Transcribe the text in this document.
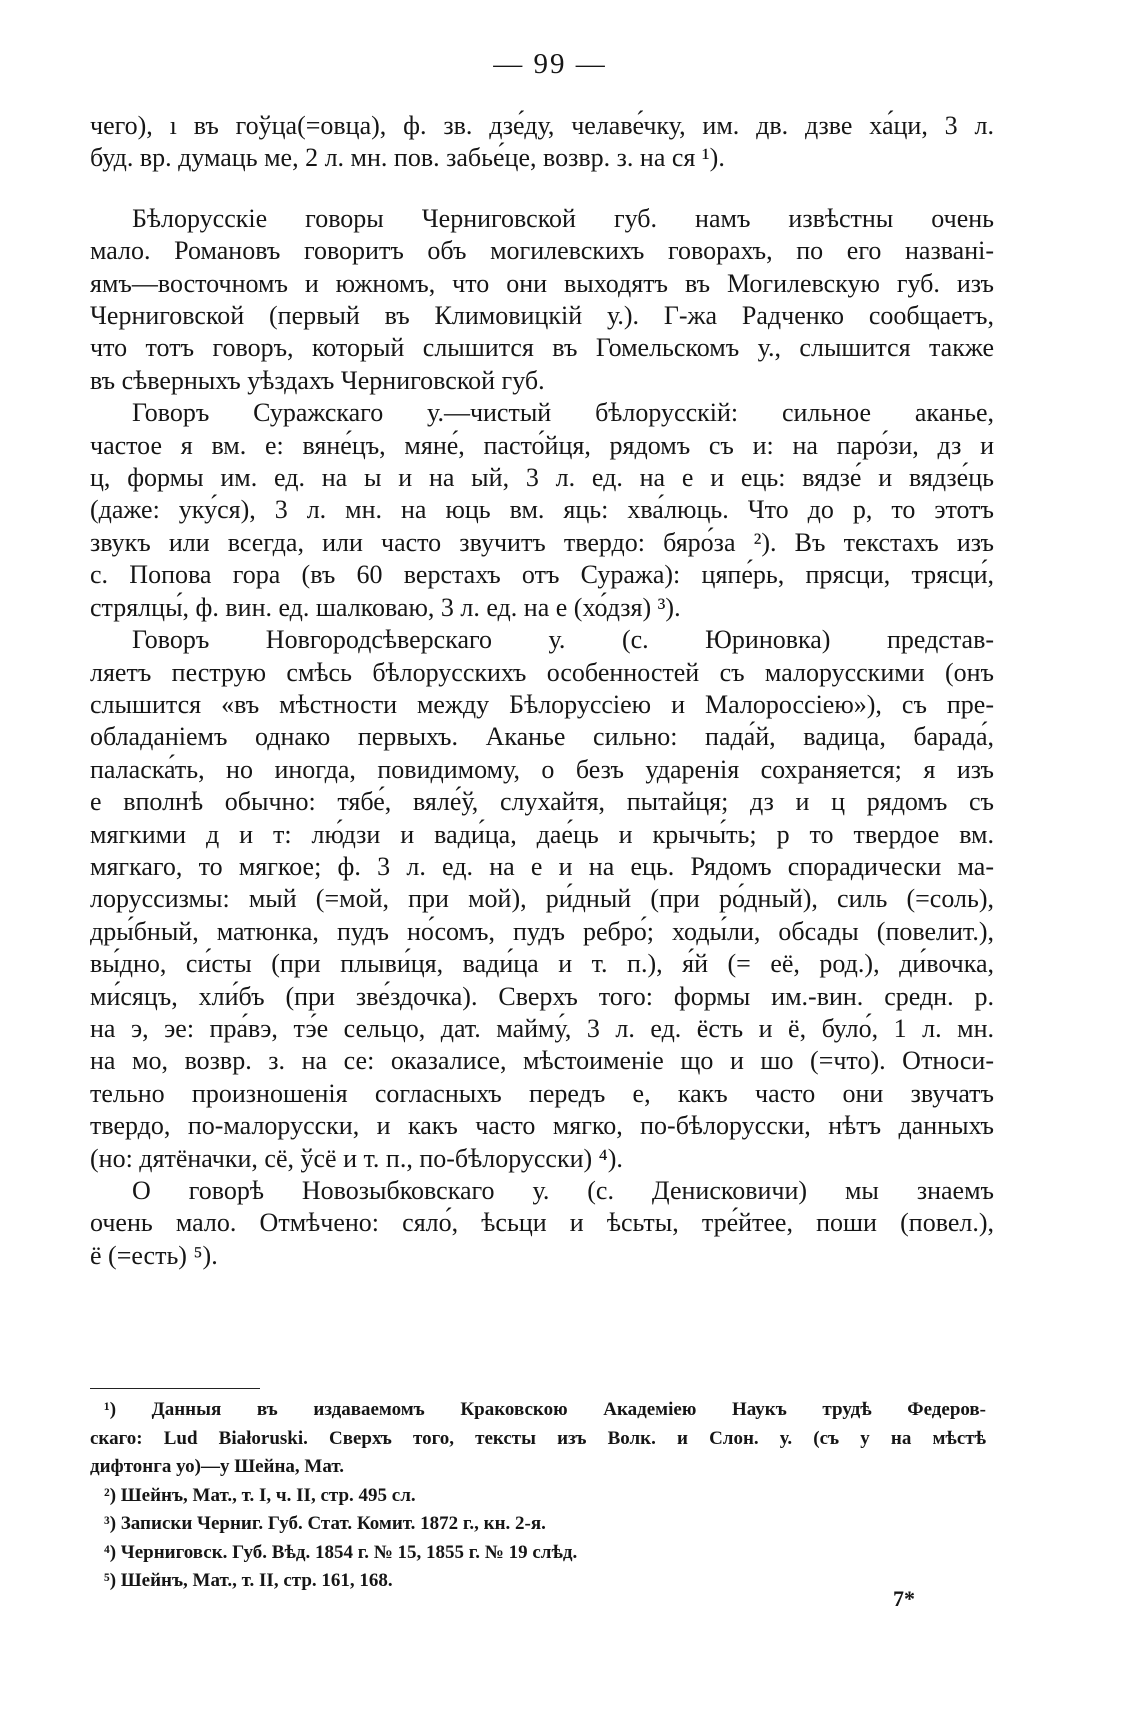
— 99 —
чего), ı въ гоўца(=овца), ф. зв. дзе́ду, челаве́чку, им. дв. дзве ха́ци, 3 л.
буд. вр. думаць ме, 2 л. мн. пов. забье́це, возвр. з. на ся ¹).
Бѣлорусскіе говоры Черниговской губ. намъ извѣстны очень
мало. Романовъ говоритъ объ могилевскихъ говорахъ, по его названі-
ямъ—восточномъ и южномъ, что они выходятъ въ Могилевскую губ. изъ
Черниговской (первый въ Климовицкій у.). Г-жа Радченко сообщаетъ,
что тотъ говоръ, который слышится въ Гомельскомъ у., слышится также
въ сѣверныхъ уѣздахъ Черниговской губ.
Говоръ Суражскаго у.—чистый бѣлорусскій: сильное аканье,
частое я вм. е: вяне́цъ, мяне́, пасто́йця, рядомъ съ и: на паро́зи, дз и
ц, формы им. ед. на ы и на ый, 3 л. ед. на е и ець: вядзе́ и вядзе́ць
(даже: уку́ся), 3 л. мн. на юць вм. яць: хва́люць. Что до р, то этотъ
звукъ или всегда, или часто звучитъ твердо: бяро́за ²). Въ текстахъ изъ
с. Попова гора (въ 60 верстахъ отъ Суража): цяпе́рь, прясци, трясци́,
стрялцы́, ф. вин. ед. шалковаю, 3 л. ед. на е (хо́дзя) ³).
Говоръ Новгородсѣверскаго у. (с. Юриновка) представ-
ляетъ пеструю смѣсь бѣлорусскихъ особенностей съ малорусскими (онъ
слышится «въ мѣстности между Бѣлоруссіею и Малороссіею»), съ пре-
обладаніемъ однако первыхъ. Аканье сильно: пада́й, вадица, барада́,
паласка́ть, но иногда, повидимому, о безъ ударенія сохраняется; я изъ
е вполнѣ обычно: тябе́, вяле́ў, слухайтя, пытайця; дз и ц рядомъ съ
мягкими д и т: лю́дзи и вади́ца, дае́ць и крычы́ть; р то твердое вм.
мягкаго, то мягкое; ф. 3 л. ед. на е и на ець. Рядомъ спорадически ма-
лоруссизмы: мый (=мой, при мой), ри́дный (при ро́дный), силь (=соль),
дры́бный, матюнка, пудъ но́сомъ, пудъ ребро́; ходы́ли, обсады (повелит.),
вы́дно, си́сты (при плыви́ця, вади́ца и т. п.), я́й (= её, род.), ди́вочка,
ми́сяцъ, хли́бъ (при зве́здочка). Сверхъ того: формы им.-вин. средн. р.
на э, эе: пра́вэ, тэ́е сельцо, дат. майму́, 3 л. ед. ёсть и ё, було́, 1 л. мн.
на мо, возвр. з. на се: оказалисе, мѣстоименіе що и шо (=что). Относи-
тельно произношенія согласныхъ передъ е, какъ часто они звучатъ
твердо, по-малорусски, и какъ часто мягко, по-бѣлорусски, нѣтъ данныхъ
(но: дятёначки, сё, ўсё и т. п., по-бѣлорусски) ⁴).
О говорѣ Новозыбковскаго у. (с. Денисковичи) мы знаемъ
очень мало. Отмѣчено: сяло́, ѣсьци и ѣсьты, тре́йтее, поши (повел.),
ё (=есть) ⁵).
¹) Данныя въ издаваемомъ Краковскою Академіею Наукъ трудѣ Федеров-
скаго: Lud Białoruski. Сверхъ того, тексты изъ Волк. и Слон. у. (съ у на мѣстѣ
дифтонга уо)—у Шейна, Мат.
²) Шейнъ, Мат., т. I, ч. II, стр. 495 сл.
³) Записки Черниг. Губ. Стат. Комит. 1872 г., кн. 2-я.
⁴) Черниговск. Губ. Вѣд. 1854 г. № 15, 1855 г. № 19 слѣд.
⁵) Шейнъ, Мат., т. II, стр. 161, 168.
7*
